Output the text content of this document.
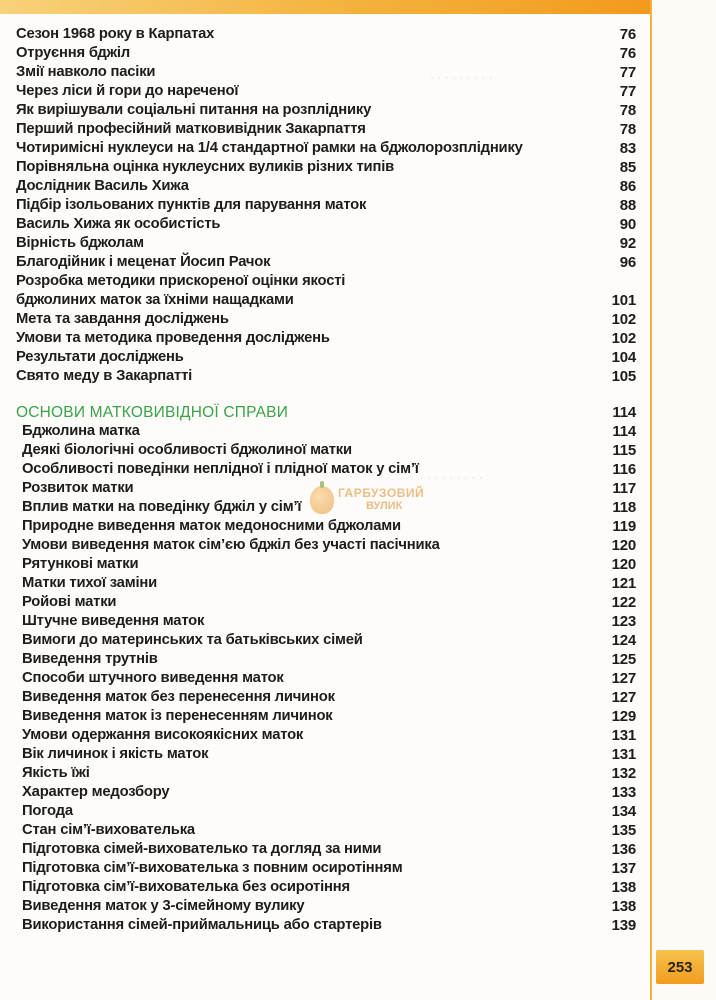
· · · · · · · · ·
· · · · · · · · ·
ГАРБУЗОВИЙ
ВУЛИК
Сезон 1968 року в Карпатах	76
Отруєння бджіл	76
Змії навколо пасіки	77
Через ліси й гори до нареченої	77
Як вирішували соціальні питання на розпліднику	78
Перший професійний матковивідник Закарпаття	78
Чотиримісні нуклеуси на 1/4 стандартної рамки на бджолорозпліднику	83
Порівняльна оцінка нуклеусних вуликів різних типів	85
Дослідник Василь Хижа	86
Підбір ізольованих пунктів для парування маток	88
Василь Хижа як особистість	90
Вірність бджолам	92
Благодійник і меценат Йосип Рачок	96
Розробка методики прискореної оцінки якості
бджолиних маток за їхніми нащадками	101
Мета та завдання досліджень	102
Умови та методика проведення досліджень	102
Результати досліджень	104
Свято меду в Закарпатті	105
ОСНОВИ МАТКОВИВІДНОЇ СПРАВИ	114
Бджолина матка	114
Деякі біологічні особливості бджолиної матки	115
Особливості поведінки неплідної і плідної маток у сім’ї	116
Розвиток матки	117
Вплив матки на поведінку бджіл у сім’ї	118
Природне виведення маток медоносними бджолами	119
Умови виведення маток сім’єю бджіл без участі пасічника	120
Рятункові матки	120
Матки тихої заміни	121
Ройові матки	122
Штучне виведення маток	123
Вимоги до материнських та батьківських сімей	124
Виведення трутнів	125
Способи штучного виведення маток	127
Виведення маток без перенесення личинок	127
Виведення маток із перенесенням личинок	129
Умови одержання високоякісних маток	131
Вік личинок і якість маток	131
Якість їжі	132
Характер медозбору	133
Погода	134
Стан сім’ї-вихователька	135
Підготовка сімей-вихователько та догляд за ними	136
Підготовка сім’ї-вихователька з повним осиротінням	137
Підготовка сім’ї-вихователька без осиротіння	138
Виведення маток у 3-сімейному вулику	138
Використання сімей-приймальниць або стартерів	139
253
